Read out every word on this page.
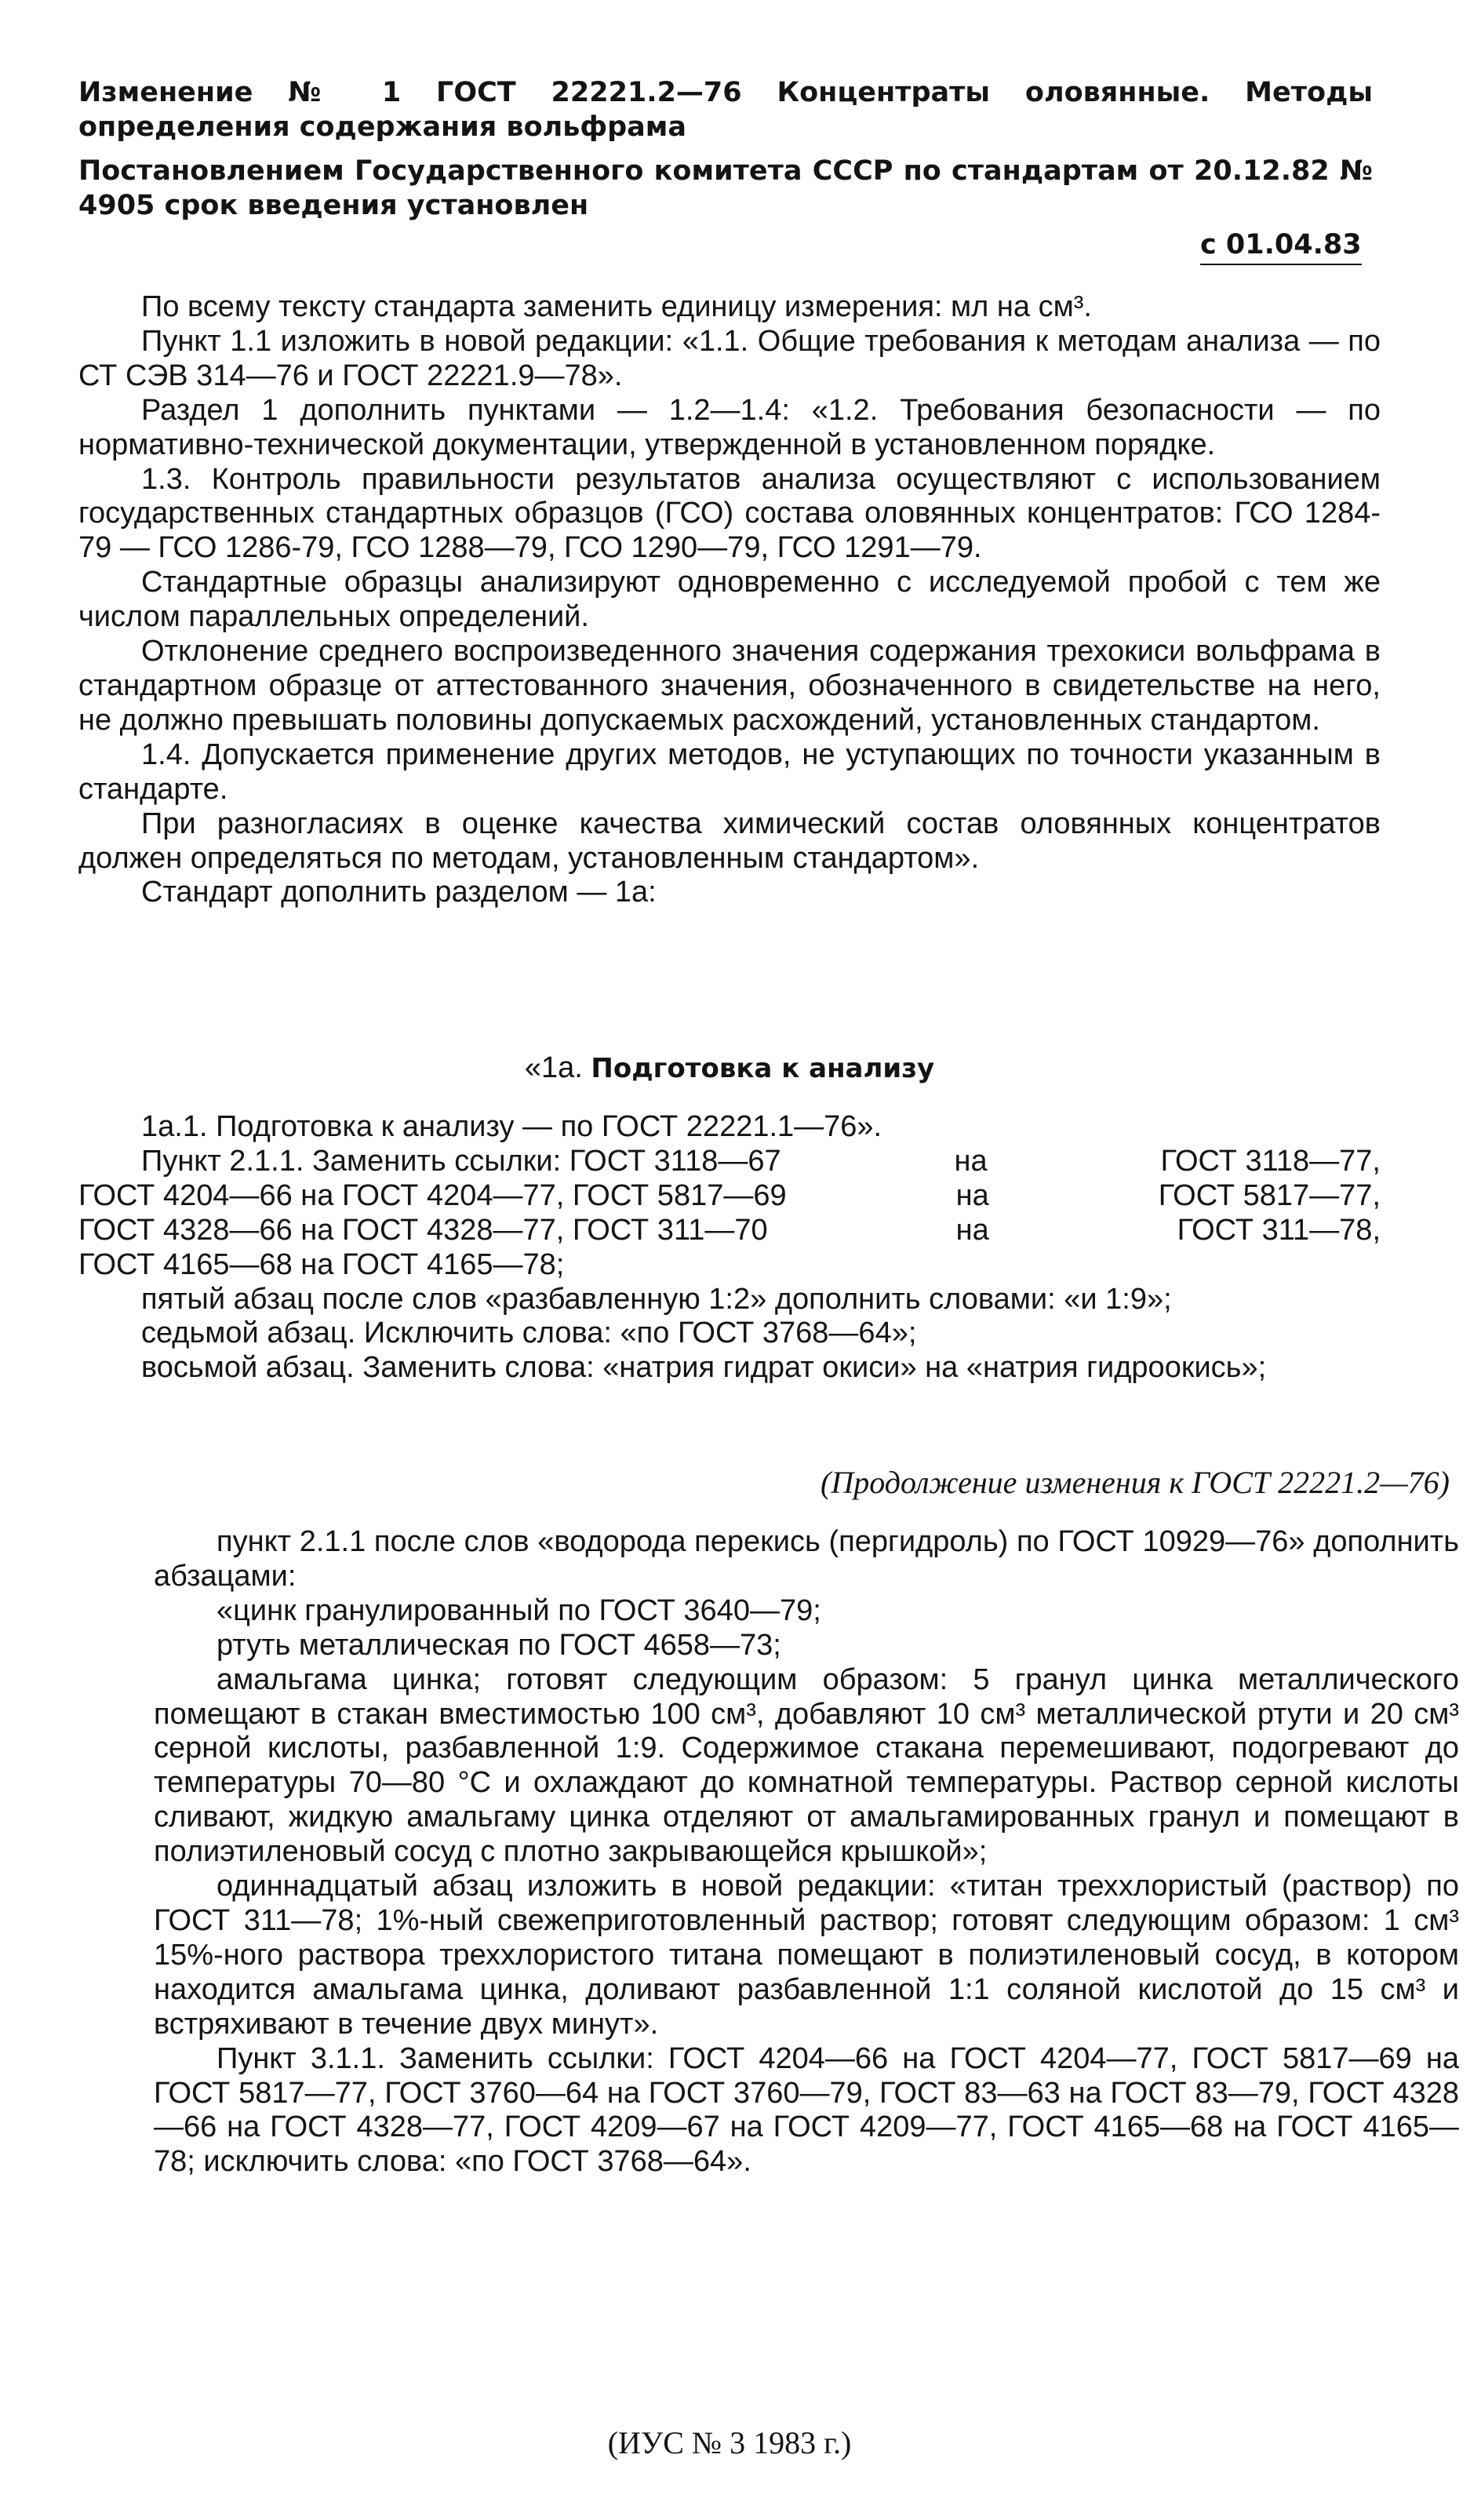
Изменение № 1 ГОСТ 22221.2—76 Концентраты оловянные. Методы определения содержания вольфрама
Постановлением Государственного комитета СССР по стандартам от 20.12.82 № 4905 срок введения установлен
с 01.04.83

По всему тексту стандарта заменить единицу измерения: мл на см³.

Пункт 1.1 изложить в новой редакции: «1.1. Общие требования к методам анализа — по СТ СЭВ 314—76 и ГОСТ 22221.9—78».

Раздел 1 дополнить пунктами — 1.2—1.4: «1.2. Требования безопасности — по нормативно-технической документации, утвержденной в установленном порядке.

1.3. Контроль правильности результатов анализа осуществляют с использованием государственных стандартных образцов (ГСО) состава оловянных концентратов: ГСО 1284-79 — ГСО 1286-79, ГСО 1288—79, ГСО 1290—79, ГСО 1291—79.

Стандартные образцы анализируют одновременно с исследуемой пробой с тем же числом параллельных определений.

Отклонение среднего воспроизведенного значения содержания трехокиси вольфрама в стандартном образце от аттестованного значения, обозначенного в свидетельстве на него, не должно превышать половины допускаемых расхождений, установленных стандартом.

1.4. Допускается применение других методов, не уступающих по точности указанным в стандарте.

При разногласиях в оценке качества химический состав оловянных концентратов должен определяться по методам, установленным стандартом».

Стандарт дополнить разделом — 1а:

«1а. Подготовка к анализу

1а.1. Подготовка к анализу — по ГОСТ 22221.1—76».

Пункт 2.1.1. Заменить ссылки: ГОСТ 3118—67	на	ГОСТ 3118—77,
ГОСТ 4204—66 на ГОСТ 4204—77, ГОСТ 5817—69	на	ГОСТ 5817—77,
ГОСТ 4328—66 на ГОСТ 4328—77, ГОСТ 311—70	на	ГОСТ 311—78,

ГОСТ 4165—68 на ГОСТ 4165—78;

пятый абзац после слов «разбавленную 1:2» дополнить словами: «и 1:9»;

седьмой абзац. Исключить слова: «по ГОСТ 3768—64»;

восьмой абзац. Заменить слова: «натрия гидрат окиси» на «натрия гидроокись»;

(Продолжение изменения к ГОСТ 22221.2—76)

пункт 2.1.1 после слов «водорода перекись (пергидроль) по ГОСТ 10929—76» дополнить абзацами:

«цинк гранулированный по ГОСТ 3640—79;

ртуть металлическая по ГОСТ 4658—73;

амальгама цинка; готовят следующим образом: 5 гранул цинка металлического помещают в стакан вместимостью 100 см³, добавляют 10 см³ металлической ртути и 20 см³ серной кислоты, разбавленной 1:9. Содержимое стакана перемешивают, подогревают до температуры 70—80 °С и охлаждают до комнатной температуры. Раствор серной кислоты сливают, жидкую амальгаму цинка отделяют от амальгамированных гранул и помещают в полиэтиленовый сосуд с плотно закрывающейся крышкой»;

одиннадцатый абзац изложить в новой редакции: «титан треххлористый (раствор) по ГОСТ 311—78; 1%-ный свежеприготовленный раствор; готовят следующим образом: 1 см³ 15%-ного раствора треххлористого титана помещают в полиэтиленовый сосуд, в котором находится амальгама цинка, доливают разбавленной 1:1 соляной кислотой до 15 см³ и встряхивают в течение двух минут».

Пункт 3.1.1. Заменить ссылки: ГОСТ 4204—66 на ГОСТ 4204—77, ГОСТ 5817—69 на ГОСТ 5817—77, ГОСТ 3760—64 на ГОСТ 3760—79, ГОСТ 83—63 на ГОСТ 83—79, ГОСТ 4328—66 на ГОСТ 4328—77, ГОСТ 4209—67 на ГОСТ 4209—77, ГОСТ 4165—68 на ГОСТ 4165—78; исключить слова: «по ГОСТ 3768—64».

(ИУС № 3 1983 г.)
